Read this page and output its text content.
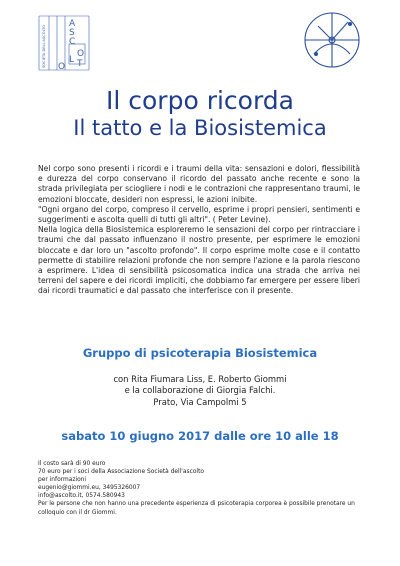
A
S
C
O
L T
O
SOCIETA DELL'ASCOLTO
Il corpo ricorda
Il tatto e la Biosistemica

Nel corpo sono presenti i ricordi e i traumi della vita: sensazioni e dolori, flessibilità e durezza del corpo conservano il ricordo del passato anche recente e sono la strada privilegiata per sciogliere i nodi e le contrazioni che rappresentano traumi, le emozioni bloccate, desideri non espressi, le azioni inibite.

"Ogni organo del corpo, compreso il cervello, esprime i propri pensieri, sentimenti e suggerimenti e ascolta quelli di tutti gli altri". ( Peter Levine).

Nella logica della Biosistemica esploreremo le sensazioni del corpo per rintracciare i traumi che dal passato influenzano il nostro presente, per esprimere le emozioni bloccate e dar loro un "ascolto profondo". Il corpo esprime molte cose e il contatto permette di stabilire relazioni profonde che non sempre l'azione e la parola riescono a esprimere. L'idea di sensibilità psicosomatica indica una strada che arriva nei terreni del sapere e dei ricordi impliciti, che dobbiamo far emergere per essere liberi dai ricordi traumatici e dal passato che interferisce con il presente.

Gruppo di psicoterapia Biosistemica
con Rita Fiumara Liss, E. Roberto Giommi
e la collaborazione di Giorgia Falchi.
Prato, Via Campolmi 5
sabato 10 giugno 2017 dalle ore 10 alle 18
Il costo sarà di 90 euro
70 euro per i soci della Associazione Società dell'ascolto
per informazioni
eugenio@giommi.eu, 3495326007
info@ascolto.it, 0574.580943
Per le persone che non hanno una precedente esperienza di psicoterapia corporea è possibile prenotare un colloquio con il dr Giommi.
